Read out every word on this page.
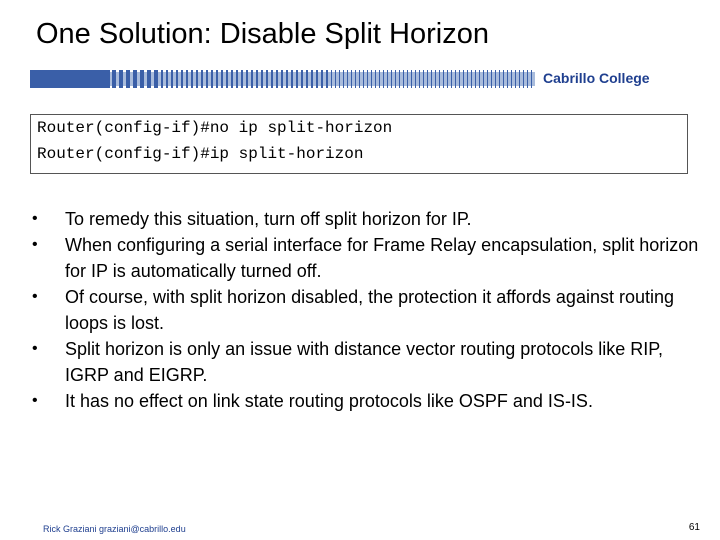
One Solution: Disable Split Horizon
Cabrillo College
Router(config-if)#no ip split-horizon
Router(config-if)#ip split-horizon
• To remedy this situation, turn off split horizon for IP.
• When configuring a serial interface for Frame Relay encapsulation, split horizon for IP is automatically turned off.
• Of course, with split horizon disabled, the protection it affords against routing loops is lost.
• Split horizon is only an issue with distance vector routing protocols like RIP, IGRP and EIGRP.
• It has no effect on link state routing protocols like OSPF and IS-IS.
Rick Graziani graziani@cabrillo.edu	61
